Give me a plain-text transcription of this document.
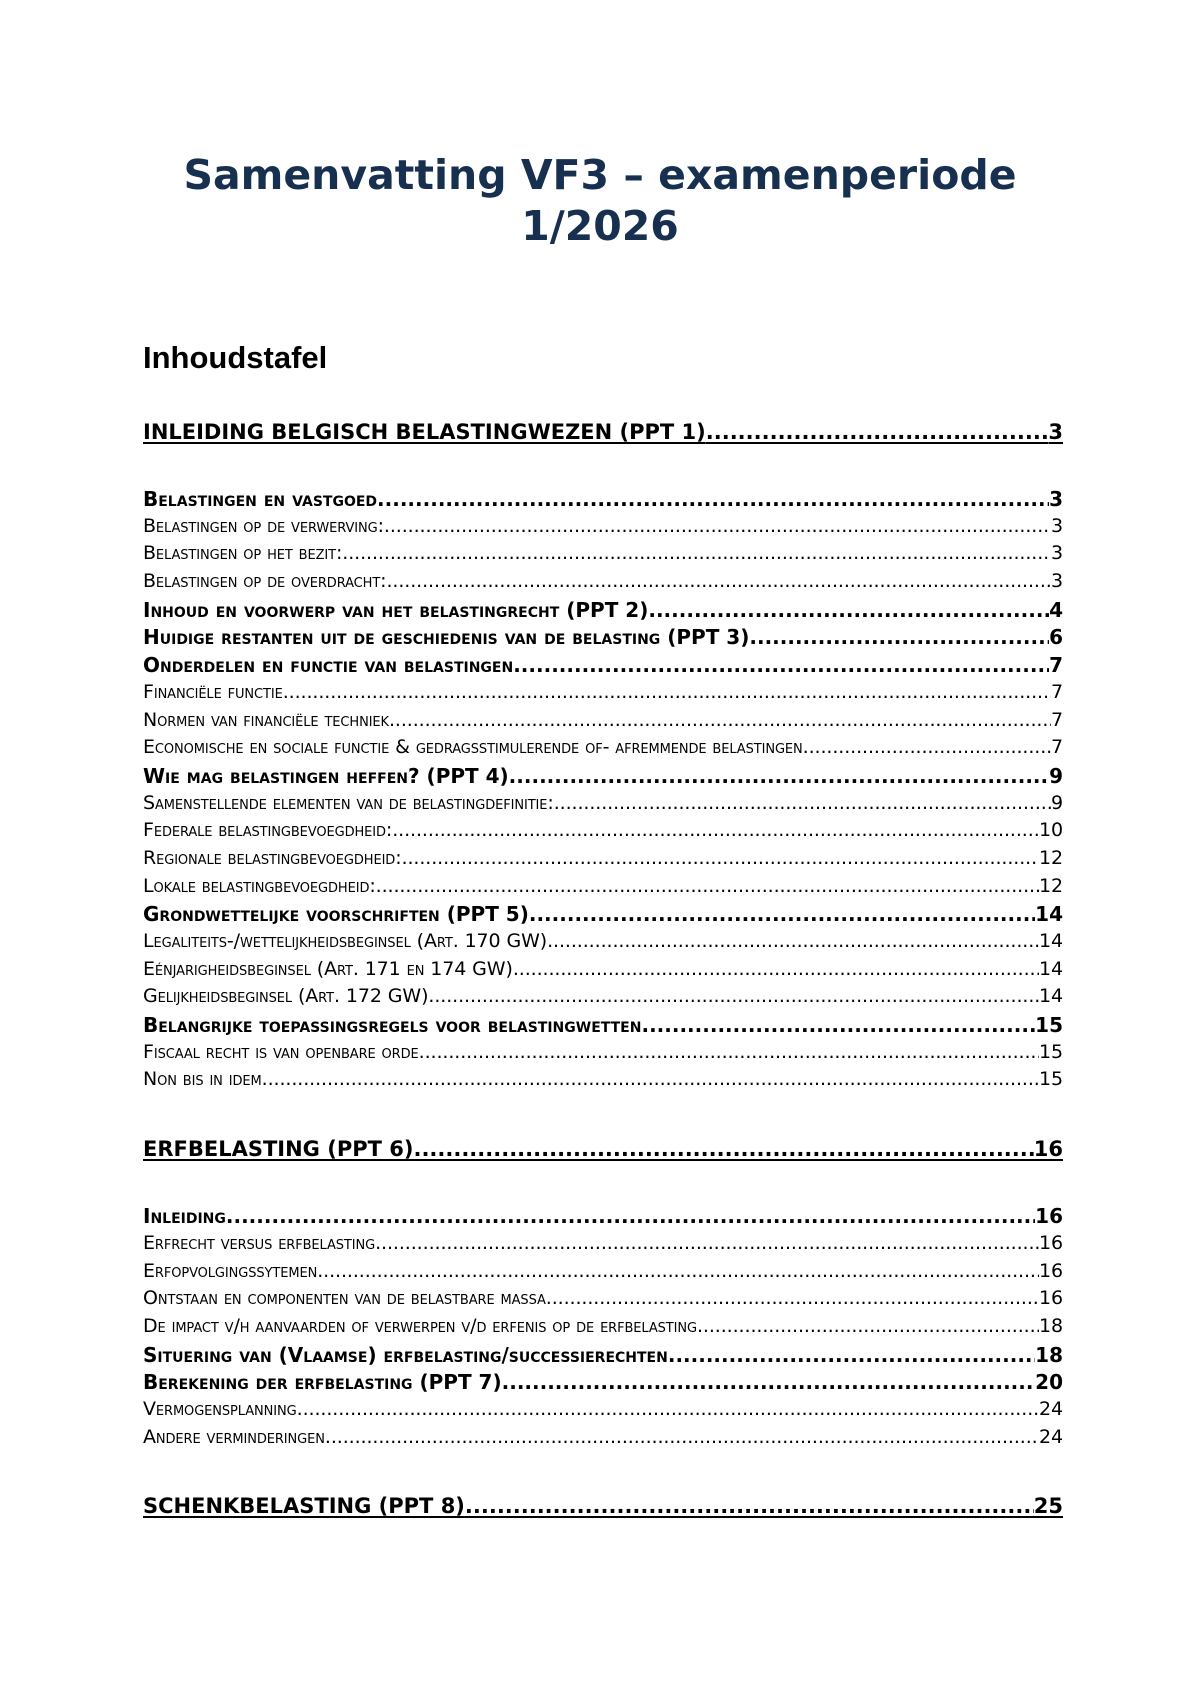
Samenvatting VF3 – examenperiode 1/2026
Inhoudstafel
INLEIDING BELGISCH BELASTINGWEZEN (PPT 1) .....	3
Belastingen en vastgoed .....	3
Belastingen op de verwerving: .....	3
Belastingen op het bezit: .....	3
Belastingen op de overdracht: .....	3
Inhoud en voorwerp van het belastingrecht (PPT 2) .....	4
Huidige restanten uit de geschiedenis van de belasting (PPT 3) .....	6
Onderdelen en functie van belastingen .....	7
Financiële functie .....	7
Normen van financiële techniek .....	7
Economische en sociale functie & gedragsstimulerende of- afremmende belastingen .....	7
Wie mag belastingen heffen? (PPT 4) .....	9
Samenstellende elementen van de belastingdefinitie: .....	9
Federale belastingbevoegdheid: .....	10
Regionale belastingbevoegdheid: .....	12
Lokale belastingbevoegdheid: .....	12
Grondwettelijke voorschriften (PPT 5) .....	14
Legaliteits-/wettelijkheidsbeginsel (Art. 170 GW) .....	14
Eénjarigheidsbeginsel (Art. 171 en 174 GW) .....	14
Gelijkheidsbeginsel (Art. 172 GW) .....	14
Belangrijke toepassingsregels voor belastingwetten .....	15
Fiscaal recht is van openbare orde .....	15
Non bis in idem .....	15
ERFBELASTING (PPT 6) .....	16
Inleiding .....	16
Erfrecht versus erfbelasting .....	16
Erfopvolgingssytemen .....	16
Ontstaan en componenten van de belastbare massa .....	16
De impact v/h aanvaarden of verwerpen v/d erfenis op de erfbelasting .....	18
Situering van (Vlaamse) erfbelasting/successierechten .....	18
Berekening der erfbelasting (PPT 7) .....	20
Vermogensplanning .....	24
Andere verminderingen .....	24
SCHENKBELASTING (PPT 8) .....	25
